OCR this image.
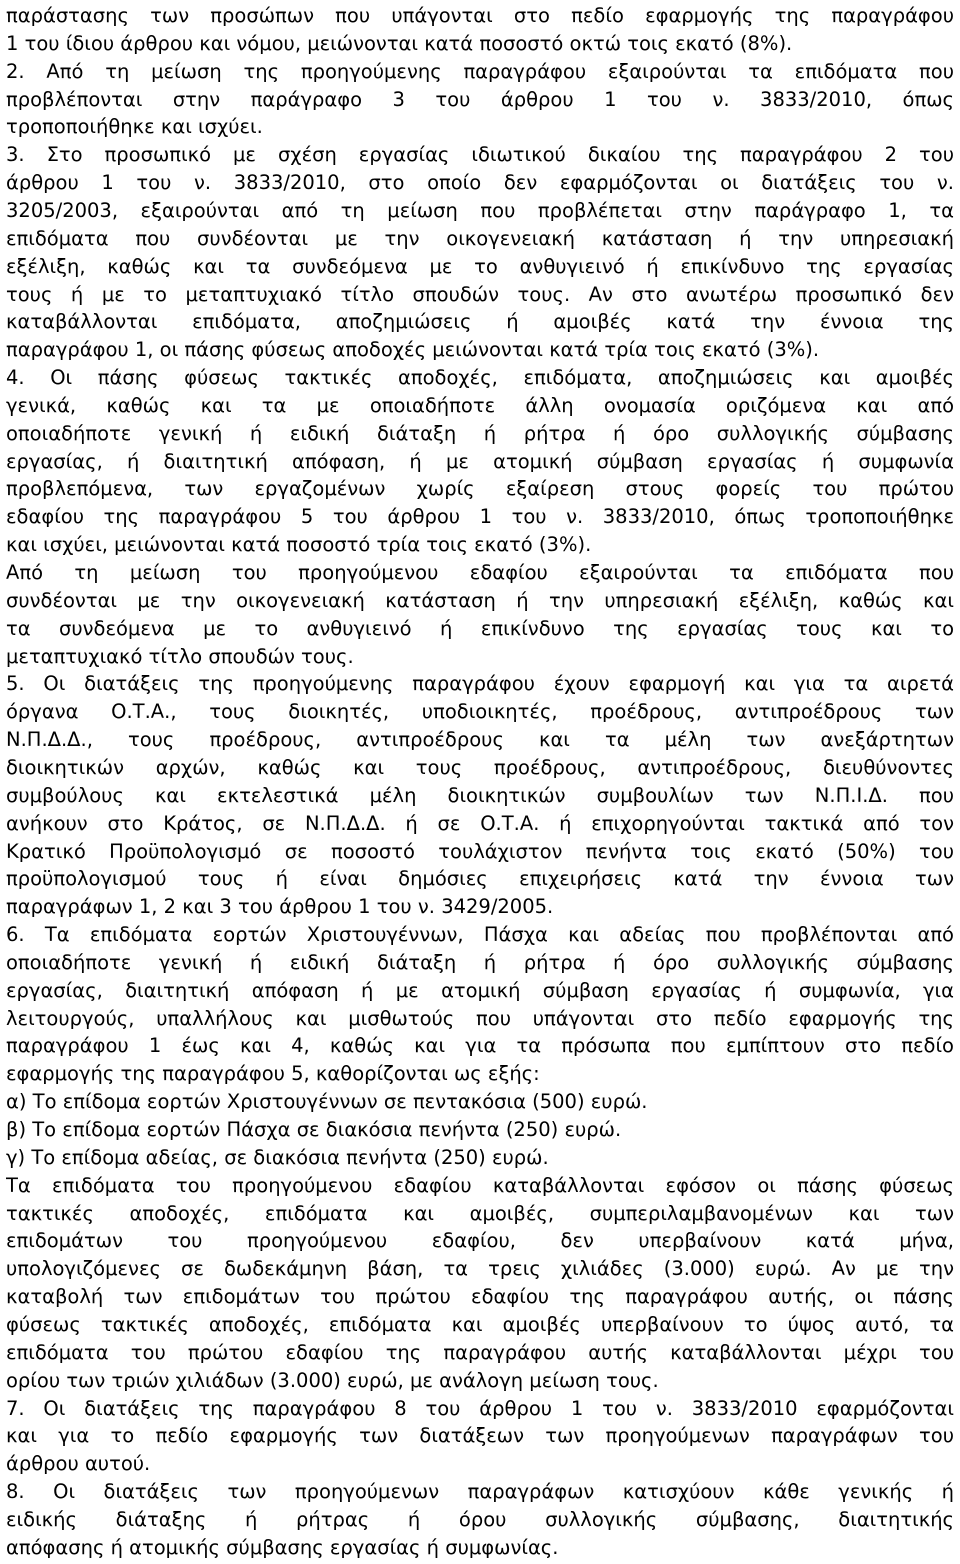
παράστασης των προσώπων που υπάγονται στο πεδίο εφαρμογής της παραγράφου
1 του ίδιου άρθρου και νόμου, μειώνονται κατά ποσοστό οκτώ τοις εκατό (8%).
2. Από τη μείωση της προηγούμενης παραγράφου εξαιρούνται τα επιδόματα που
προβλέπονται στην παράγραφο 3 του άρθρου 1 του ν. 3833/2010, όπως
τροποποιήθηκε και ισχύει.
3. Στο προσωπικό με σχέση εργασίας ιδιωτικού δικαίου της παραγράφου 2 του
άρθρου 1 του ν. 3833/2010, στο οποίο δεν εφαρμόζονται οι διατάξεις του ν.
3205/2003, εξαιρούνται από τη μείωση που προβλέπεται στην παράγραφο 1, τα
επιδόματα που συνδέονται με την οικογενειακή κατάσταση ή την υπηρεσιακή
εξέλιξη, καθώς και τα συνδεόμενα με το ανθυγιεινό ή επικίνδυνο της εργασίας
τους ή με το μεταπτυχιακό τίτλο σπουδών τους. Αν στο ανωτέρω προσωπικό δεν
καταβάλλονται επιδόματα, αποζημιώσεις ή αμοιβές κατά την έννοια της
παραγράφου 1, οι πάσης φύσεως αποδοχές μειώνονται κατά τρία τοις εκατό (3%).
4. Οι πάσης φύσεως τακτικές αποδοχές, επιδόματα, αποζημιώσεις και αμοιβές
γενικά, καθώς και τα με οποιαδήποτε άλλη ονομασία οριζόμενα και από
οποιαδήποτε γενική ή ειδική διάταξη ή ρήτρα ή όρο συλλογικής σύμβασης
εργασίας, ή διαιτητική απόφαση, ή με ατομική σύμβαση εργασίας ή συμφωνία
προβλεπόμενα, των εργαζομένων χωρίς εξαίρεση στους φορείς του πρώτου
εδαφίου της παραγράφου 5 του άρθρου 1 του ν. 3833/2010, όπως τροποποιήθηκε
και ισχύει, μειώνονται κατά ποσοστό τρία τοις εκατό (3%).
Από τη μείωση του προηγούμενου εδαφίου εξαιρούνται τα επιδόματα που
συνδέονται με την οικογενειακή κατάσταση ή την υπηρεσιακή εξέλιξη, καθώς και
τα συνδεόμενα με το ανθυγιεινό ή επικίνδυνο της εργασίας τους και το
μεταπτυχιακό τίτλο σπουδών τους.
5. Οι διατάξεις της προηγούμενης παραγράφου έχουν εφαρμογή και για τα αιρετά
όργανα Ο.Τ.Α., τους διοικητές, υποδιοικητές, προέδρους, αντιπροέδρους των
Ν.Π.Δ.Δ., τους προέδρους, αντιπροέδρους και τα μέλη των ανεξάρτητων
διοικητικών αρχών, καθώς και τους προέδρους, αντιπροέδρους, διευθύνοντες
συμβούλους και εκτελεστικά μέλη διοικητικών συμβουλίων των Ν.Π.Ι.Δ. που
ανήκουν στο Κράτος, σε Ν.Π.Δ.Δ. ή σε Ο.Τ.Α. ή επιχορηγούνται τακτικά από τον
Κρατικό Προϋπολογισμό σε ποσοστό τουλάχιστον πενήντα τοις εκατό (50%) του
προϋπολογισμού τους ή είναι δημόσιες επιχειρήσεις κατά την έννοια των
παραγράφων 1, 2 και 3 του άρθρου 1 του ν. 3429/2005.
6. Τα επιδόματα εορτών Χριστουγέννων, Πάσχα και αδείας που προβλέπονται από
οποιαδήποτε γενική ή ειδική διάταξη ή ρήτρα ή όρο συλλογικής σύμβασης
εργασίας, διαιτητική απόφαση ή με ατομική σύμβαση εργασίας ή συμφωνία, για
λειτουργούς, υπαλλήλους και μισθωτούς που υπάγονται στο πεδίο εφαρμογής της
παραγράφου 1 έως και 4, καθώς και για τα πρόσωπα που εμπίπτουν στο πεδίο
εφαρμογής της παραγράφου 5, καθορίζονται ως εξής:
α) Το επίδομα εορτών Χριστουγέννων σε πεντακόσια (500) ευρώ.
β) Το επίδομα εορτών Πάσχα σε διακόσια πενήντα (250) ευρώ.
γ) Το επίδομα αδείας, σε διακόσια πενήντα (250) ευρώ.
Τα επιδόματα του προηγούμενου εδαφίου καταβάλλονται εφόσον οι πάσης φύσεως
τακτικές αποδοχές, επιδόματα και αμοιβές, συμπεριλαμβανομένων και των
επιδομάτων του προηγούμενου εδαφίου, δεν υπερβαίνουν κατά μήνα,
υπολογιζόμενες σε δωδεκάμηνη βάση, τα τρεις χιλιάδες (3.000) ευρώ. Αν με την
καταβολή των επιδομάτων του πρώτου εδαφίου της παραγράφου αυτής, οι πάσης
φύσεως τακτικές αποδοχές, επιδόματα και αμοιβές υπερβαίνουν το ύψος αυτό, τα
επιδόματα του πρώτου εδαφίου της παραγράφου αυτής καταβάλλονται μέχρι του
ορίου των τριών χιλιάδων (3.000) ευρώ, με ανάλογη μείωση τους.
7. Οι διατάξεις της παραγράφου 8 του άρθρου 1 του ν. 3833/2010 εφαρμόζονται
και για το πεδίο εφαρμογής των διατάξεων των προηγούμενων παραγράφων του
άρθρου αυτού.
8. Οι διατάξεις των προηγούμενων παραγράφων κατισχύουν κάθε γενικής ή
ειδικής διάταξης ή ρήτρας ή όρου συλλογικής σύμβασης, διαιτητικής
απόφασης ή ατομικής σύμβασης εργασίας ή συμφωνίας.
